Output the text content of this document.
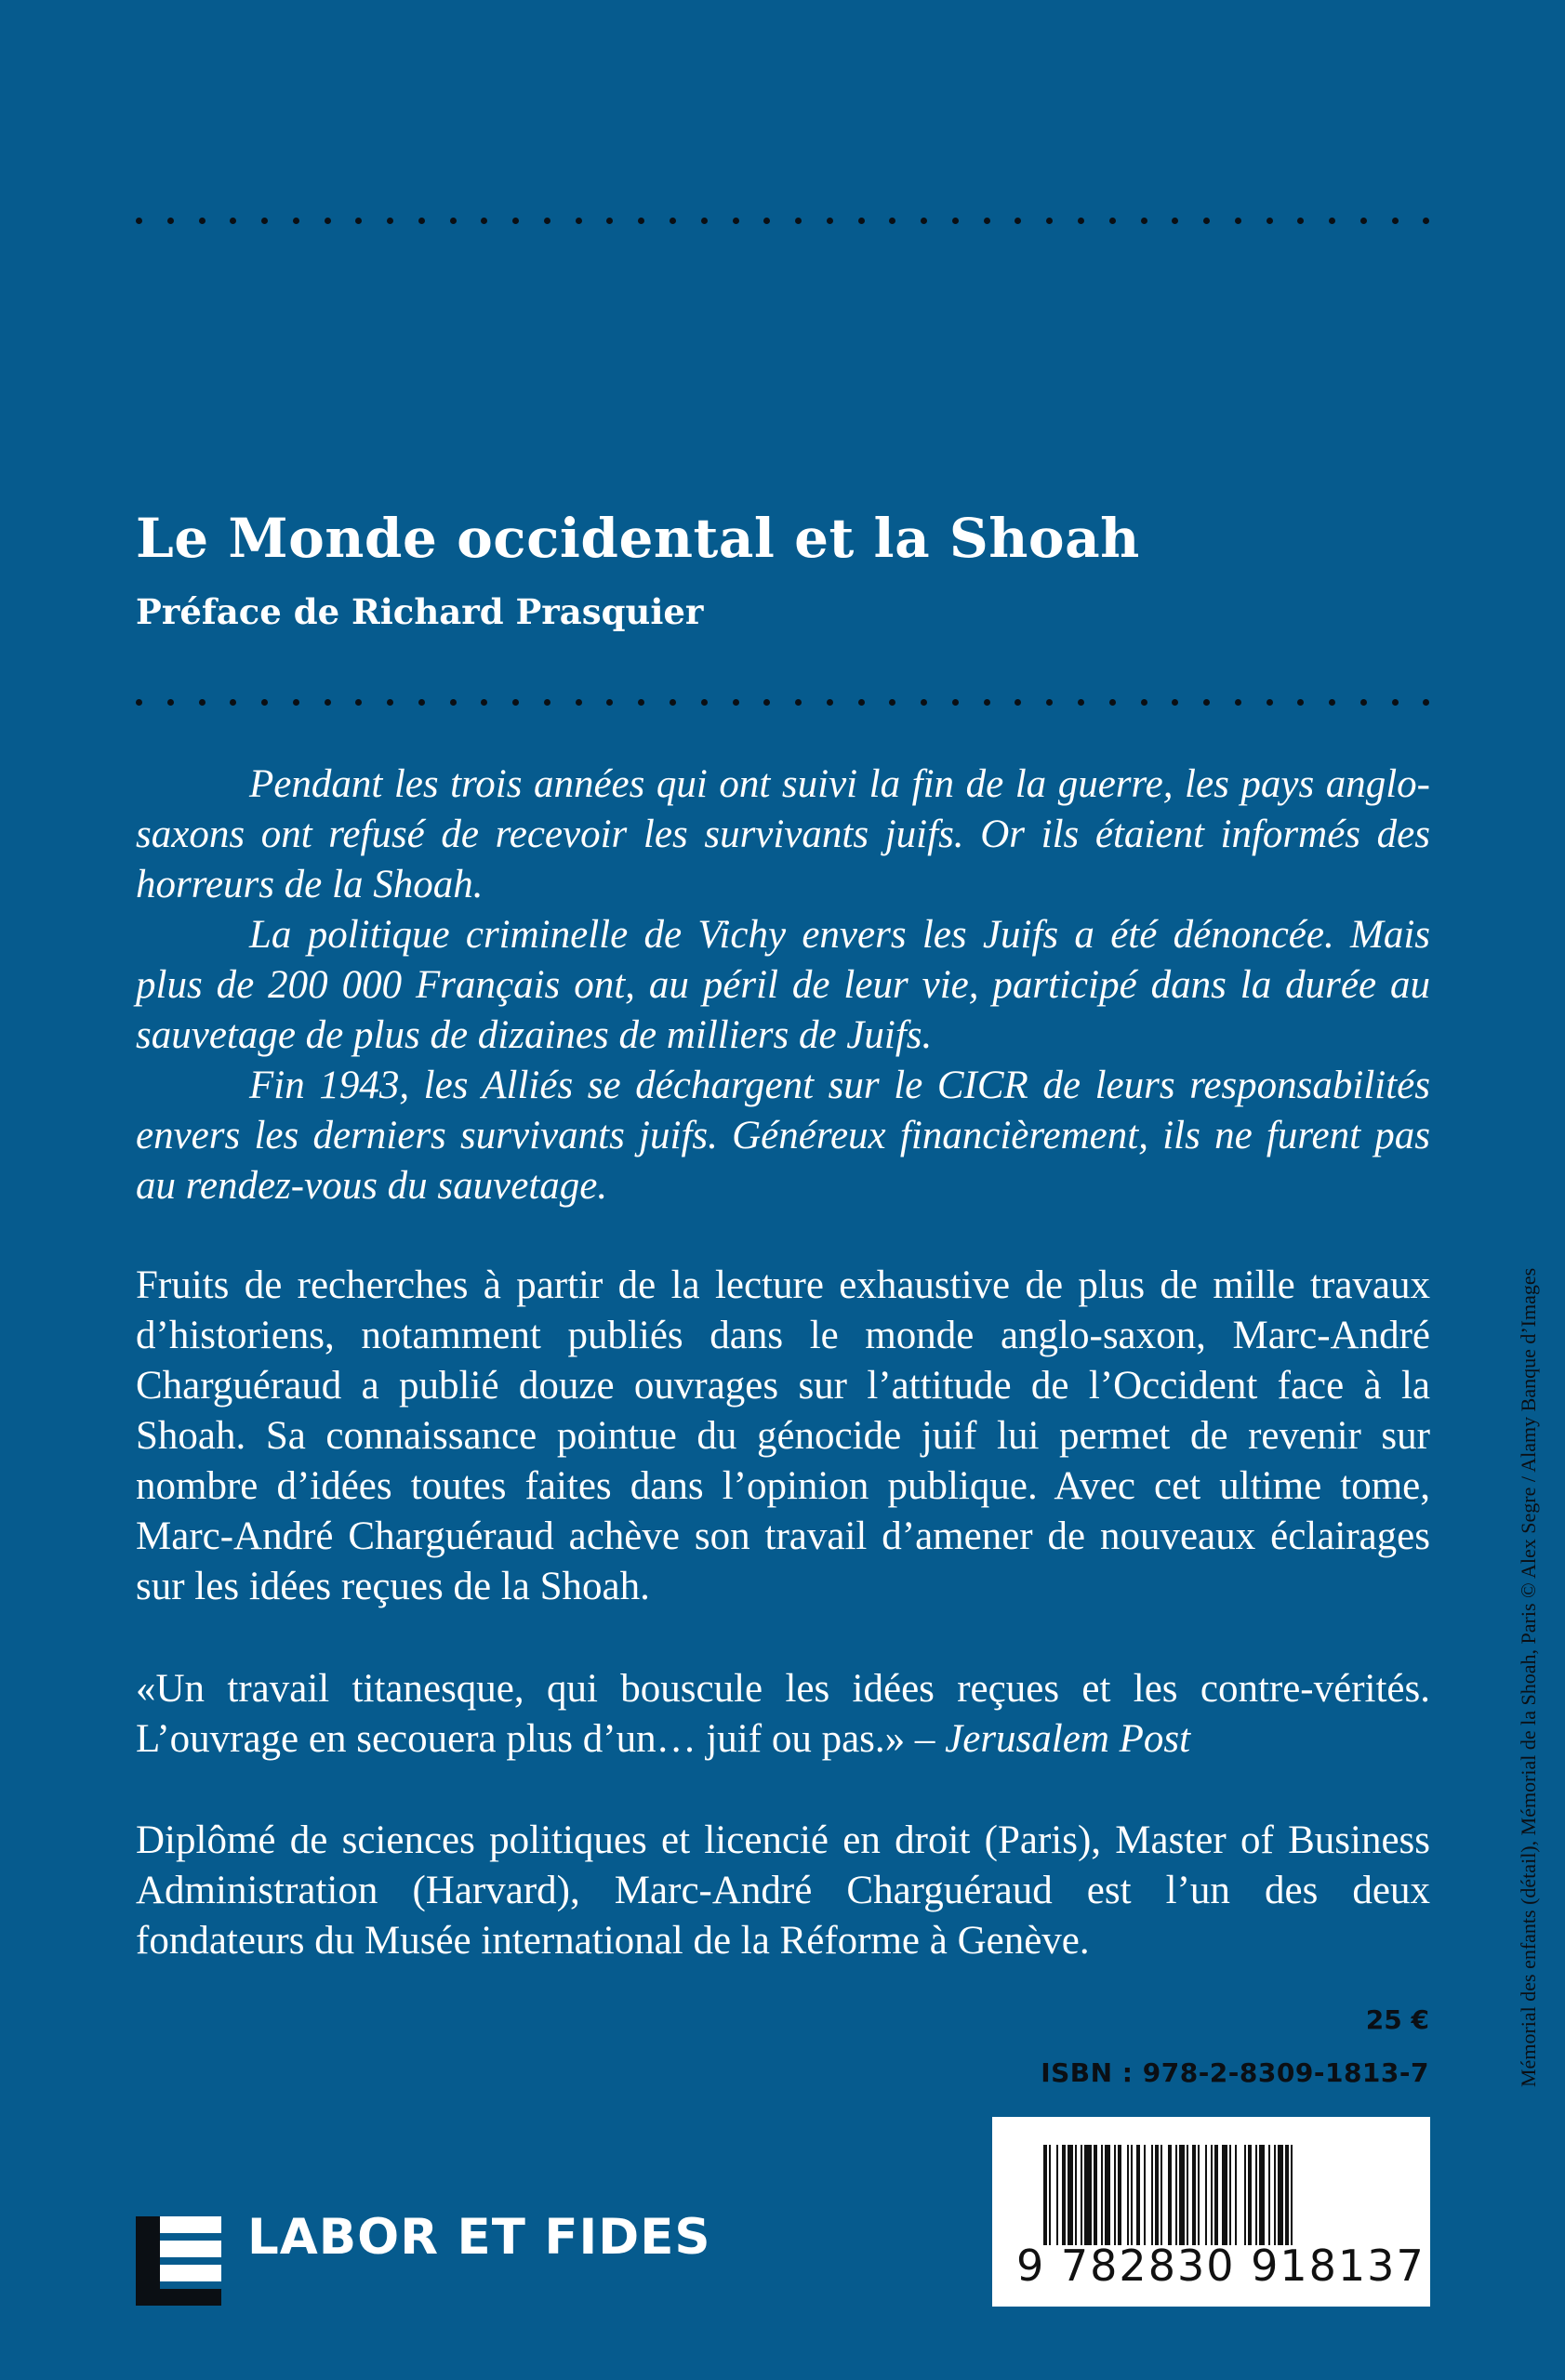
Le Monde occidental et la Shoah
Préface de Richard Prasquier

Pendant les trois années qui ont suivi la fin de la guerre, les pays anglo-saxons ont refusé de recevoir les survivants juifs. Or ils étaient informés des horreurs de la Shoah.

La politique criminelle de Vichy envers les Juifs a été dénoncée. Mais plus de 200 000 Français ont, au péril de leur vie, participé dans la durée au sauvetage de plus de dizaines de milliers de Juifs.

Fin 1943, les Alliés se déchargent sur le CICR de leurs responsabilités envers les derniers survivants juifs. Généreux financièrement, ils ne furent pas au rendez-vous du sauvetage.

Fruits de recherches à partir de la lecture exhaustive de plus de mille travaux d’historiens, notamment publiés dans le monde anglo-saxon, Marc-André Charguéraud a publié douze ouvrages sur l’attitude de l’Occident face à la Shoah. Sa connaissance pointue du génocide juif lui permet de revenir sur nombre d’idées toutes faites dans l’opinion publique. Avec cet ultime tome, Marc-André Charguéraud achève son travail d’amener de nouveaux éclairages sur les idées reçues de la Shoah.

«Un travail titanesque, qui bouscule les idées reçues et les contre-vérités. L’ouvrage en secouera plus d’un… juif ou pas.» – Jerusalem Post

Diplômé de sciences politiques et licencié en droit (Paris), Master of Business Administration (Harvard), Marc-André Charguéraud est l’un des deux fondateurs du Musée international de la Réforme à Genève.

25 €
ISBN : 978-2-8309-1813-7
9 782830 918137
LABOR ET FIDES
Mémorial des enfants (détail), Mémorial de la Shoah, Paris © Alex Segre / Alamy Banque d’Images
